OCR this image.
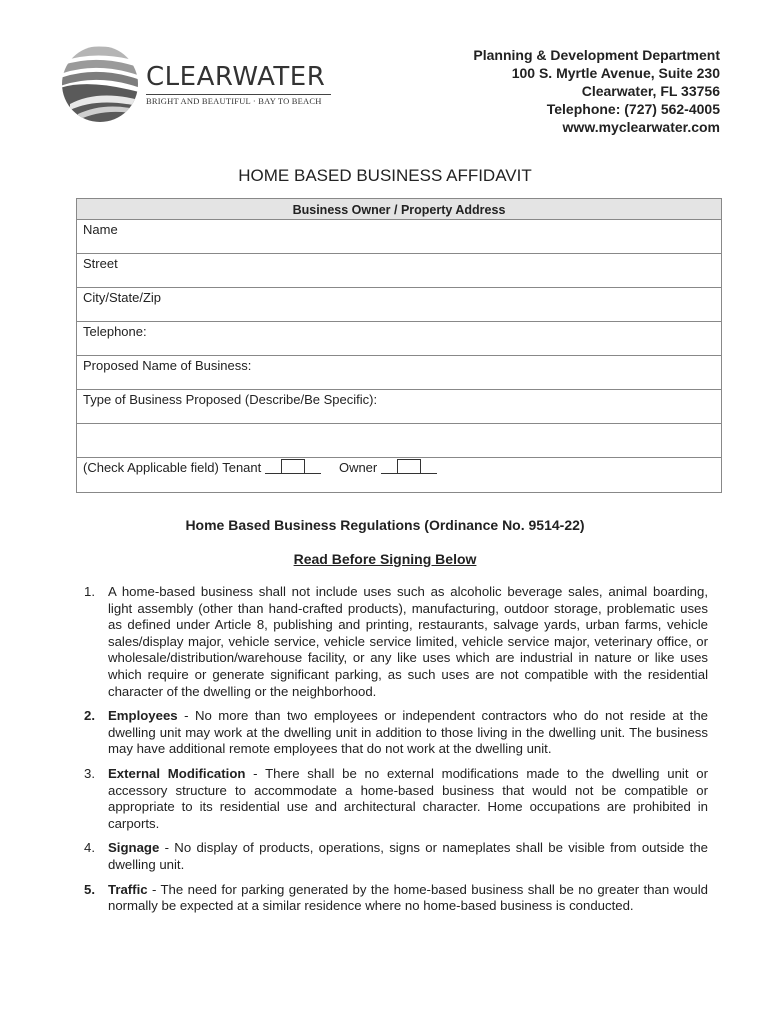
CLEARWATER
BRIGHT AND BEAUTIFUL · BAY TO BEACH
Planning & Development Department
100 S. Myrtle Avenue, Suite 230
Clearwater, FL 33756
Telephone: (727) 562-4005
www.myclearwater.com
HOME BASED BUSINESS AFFIDAVIT
Business Owner / Property Address
Name
Street
City/State/Zip
Telephone:
Proposed Name of Business:
Type of Business Proposed (Describe/Be Specific):
(Check Applicable field) Tenant	Owner
Home Based Business Regulations (Ordinance No. 9514-22)
Read Before Signing Below
1. A home-based business shall not include uses such as alcoholic beverage sales, animal boarding, light assembly (other than hand-crafted products), manufacturing, outdoor storage, problematic uses as defined under Article 8, publishing and printing, restaurants, salvage yards, urban farms, vehicle sales/display major, vehicle service, vehicle service limited, vehicle service major, veterinary office, or wholesale/distribution/warehouse facility, or any like uses which are industrial in nature or like uses which require or generate significant parking, as such uses are not compatible with the residential character of the dwelling or the neighborhood.
2. Employees - No more than two employees or independent contractors who do not reside at the dwelling unit may work at the dwelling unit in addition to those living in the dwelling unit. The business may have additional remote employees that do not work at the dwelling unit.
3. External Modification - There shall be no external modifications made to the dwelling unit or accessory structure to accommodate a home-based business that would not be compatible or appropriate to its residential use and architectural character. Home occupations are prohibited in carports.
4. Signage - No display of products, operations, signs or nameplates shall be visible from outside the dwelling unit.
5. Traffic - The need for parking generated by the home-based business shall be no greater than would normally be expected at a similar residence where no home-based business is conducted.
